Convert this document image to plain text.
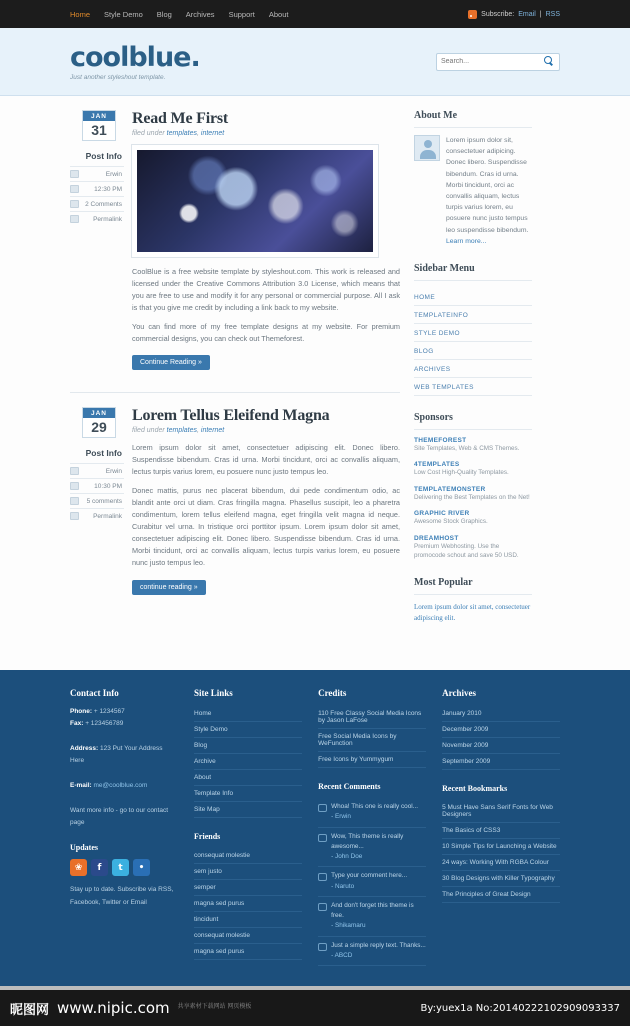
Home Style Demo Blog Archives Support About	Subscribe: Email | RSS
coolblue.
Just another styleshout template.
Search...
JAN
31
Post Info
Erwin
12:30 PM
2 Comments
Permalink
Read Me First
filed under templates, internet
CoolBlue is a free website template by styleshout.com. This work is released and licensed under the Creative Commons Attribution 3.0 License, which means that you are free to use and modify it for any personal or commercial purpose. All I ask is that you give me credit by including a link back to my website.
You can find more of my free template designs at my website. For premium commercial designs, you can check out Themeforest.
Continue Reading »
JAN
29
Post Info
Erwin
10:30 PM
5 comments
Permalink
Lorem Tellus Eleifend Magna
filed under templates, internet
Lorem ipsum dolor sit amet, consectetuer adipiscing elit. Donec libero. Suspendisse bibendum. Cras id urna. Morbi tincidunt, orci ac convallis aliquam, lectus turpis varius lorem, eu posuere nunc justo tempus leo.
Donec mattis, purus nec placerat bibendum, dui pede condimentum odio, ac blandit ante orci ut diam. Cras fringilla magna. Phasellus suscipit, leo a pharetra condimentum, lorem tellus eleifend magna, eget fringilla velit magna id neque. Curabitur vel urna. In tristique orci porttitor ipsum. Lorem ipsum dolor sit amet, consectetuer adipiscing elit. Donec libero. Suspendisse bibendum. Cras id urna. Morbi tincidunt, orci ac convallis aliquam, lectus turpis varius lorem, eu posuere nunc justo tempus leo.
continue reading »
About Me
Lorem ipsum dolor sit, consectetuer adipicing. Donec libero. Suspendisse bibendum. Cras id urna. Morbi tincidunt, orci ac convallis aliquam, lectus turpis varius lorem, eu posuere nunc justo tempus leo suspendisse bibendum. Learn more...
Sidebar Menu
HOME
TEMPLATEINFO
STYLE DEMO
BLOG
ARCHIVES
WEB TEMPLATES
Sponsors
THEMEFOREST
Site Templates, Web & CMS Themes.
4TEMPLATES
Low Cost High-Quality Templates.
TEMPLATEMONSTER
Delivering the Best Templates on the Net!
GRAPHIC RIVER
Awesome Stock Graphics.
DREAMHOST
Premium Webhosting. Use the promocode schout and save 50 USD.
Most Popular
Lorem ipsum dolor sit amet, consectetuer adipiscing elit.
Contact Info
Phone: + 1234567
Fax: + 123456789

Address: 123 Put Your Address Here

E-mail: me@coolblue.com

Want more info - go to our contact page
Updates
❀	f	t	•
Stay up to date. Subscribe via RSS, Facebook, Twitter or Email
Site Links
Home
Style Demo
Blog
Archive
About
Template Info
Site Map
Friends
consequat molestie
sem justo
semper
magna sed purus
tincidunt
consequat molestie
magna sed purus
Credits
110 Free Classy Social Media Icons by Jason LaFose
Free Social Media Icons by WeFunction
Free Icons by Yummygum
Recent Comments
Whoa! This one is really cool...
- Erwin
Wow, This theme is really awesome...
- John Doe
Type your comment here...
- Naruto
And don't forget this theme is free.
- Shikamaru
Just a simple reply text. Thanks...
- ABCD
Archives
January 2010
December 2009
November 2009
September 2009
Recent Bookmarks
5 Must Have Sans Serif Fonts for Web Designers
The Basics of CSS3
10 Simple Tips for Launching a Website
24 ways: Working With RGBA Colour
30 Blog Designs with Killer Typography
The Principles of Great Design
昵图网 www.nipic.com 共享素材下载网站 网页模板	By:yuex1a No:20140222102909093337
